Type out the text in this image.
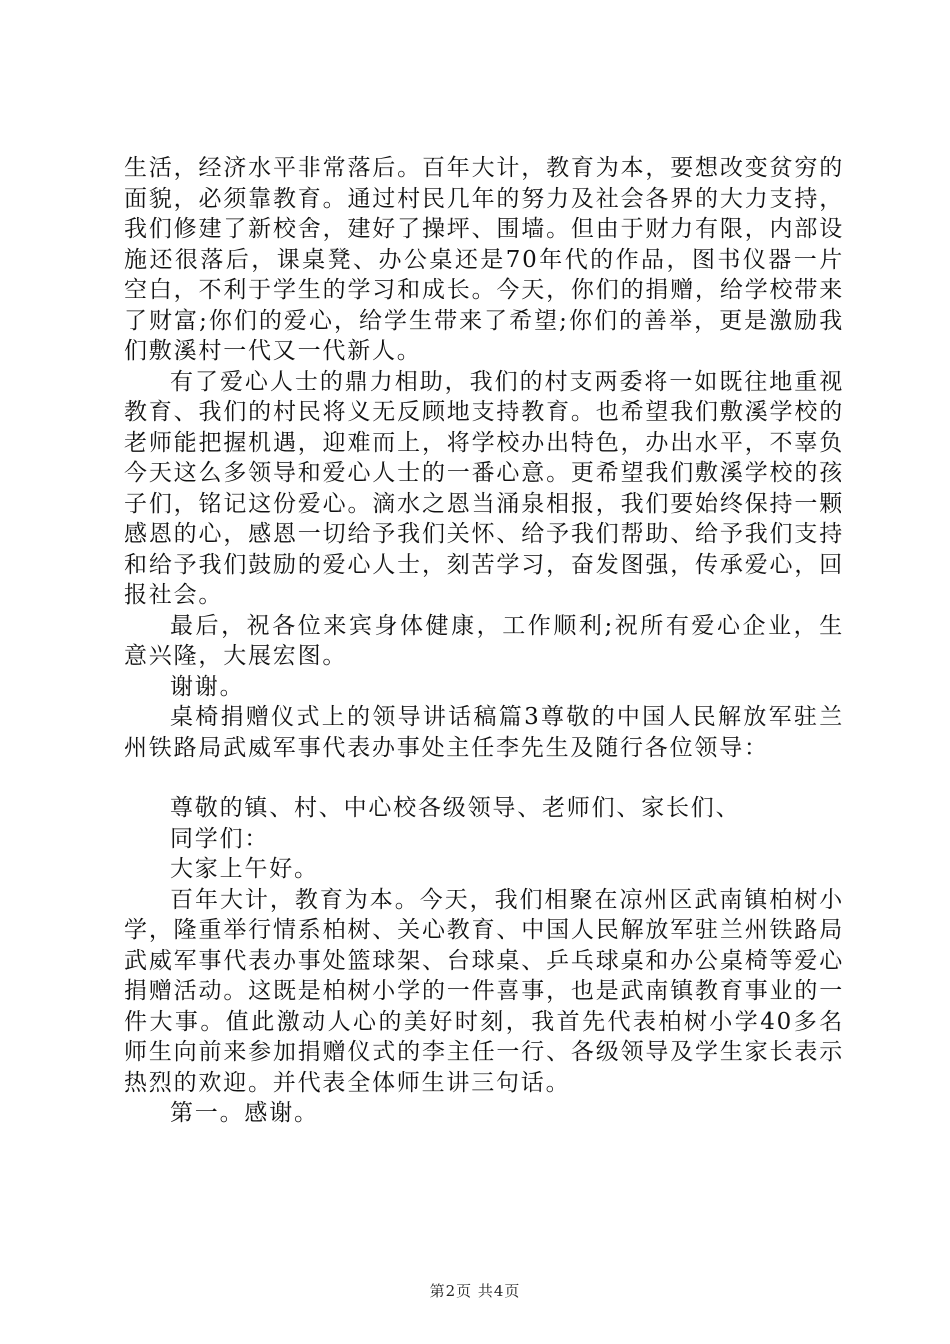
生活，经济水平非常落后。百年大计，教育为本，要想改变贫穷的面貌，必须靠教育。通过村民几年的努力及社会各界的大力支持，我们修建了新校舍，建好了操坪、围墙。但由于财力有限，内部设施还很落后，课桌凳、办公桌还是70年代的作品，图书仪器一片空白，不利于学生的学习和成长。今天，你们的捐赠，给学校带来了财富;你们的爱心，给学生带来了希望;你们的善举，更是激励我们敷溪村一代又一代新人。

有了爱心人士的鼎力相助，我们的村支两委将一如既往地重视教育、我们的村民将义无反顾地支持教育。也希望我们敷溪学校的老师能把握机遇，迎难而上，将学校办出特色，办出水平，不辜负今天这么多领导和爱心人士的一番心意。更希望我们敷溪学校的孩子们，铭记这份爱心。滴水之恩当涌泉相报，我们要始终保持一颗感恩的心，感恩一切给予我们关怀、给予我们帮助、给予我们支持和给予我们鼓励的爱心人士，刻苦学习，奋发图强，传承爱心，回报社会。

最后，祝各位来宾身体健康，工作顺利;祝所有爱心企业，生意兴隆，大展宏图。

谢谢。

桌椅捐赠仪式上的领导讲话稿篇3尊敬的中国人民解放军驻兰州铁路局武威军事代表办事处主任李先生及随行各位领导：

尊敬的镇、村、中心校各级领导、老师们、家长们、

同学们：

大家上午好。

百年大计，教育为本。今天，我们相聚在凉州区武南镇柏树小学，隆重举行情系柏树、关心教育、中国人民解放军驻兰州铁路局武威军事代表办事处篮球架、台球桌、乒乓球桌和办公桌椅等爱心捐赠活动。这既是柏树小学的一件喜事，也是武南镇教育事业的一件大事。值此激动人心的美好时刻，我首先代表柏树小学40多名师生向前来参加捐赠仪式的李主任一行、各级领导及学生家长表示热烈的欢迎。并代表全体师生讲三句话。

第一。感谢。

第2页 共4页
